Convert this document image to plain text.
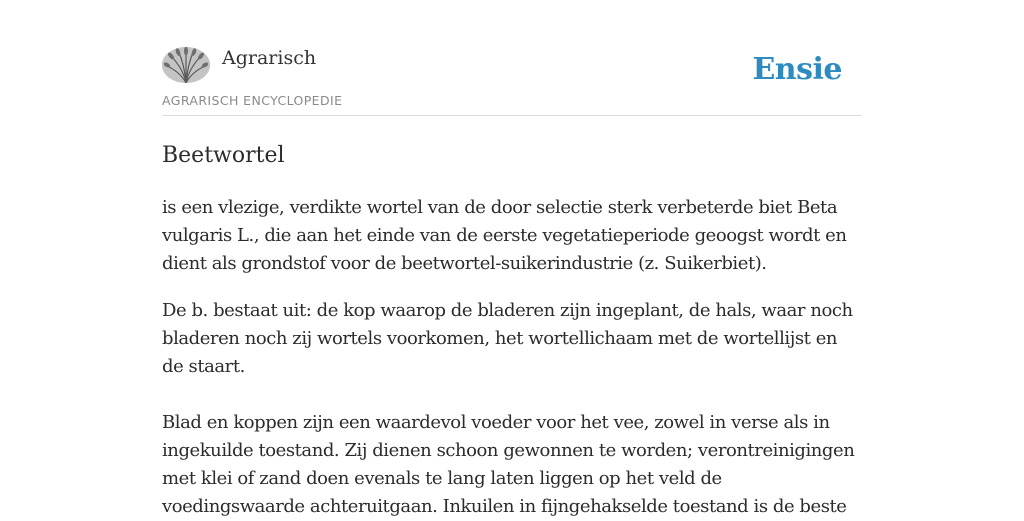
Agrarisch
AGRARISCH ENCYCLOPEDIE
Ensie
Beetwortel

is een vlezige, verdikte wortel van de door selectie sterk verbeterde biet Beta vulgaris L., die aan het einde van de eerste vegetatieperiode geoogst wordt en dient als grondstof voor de beetwortel-suikerindustrie (z. Suikerbiet).

De b. bestaat uit: de kop waarop de bladeren zijn ingeplant, de hals, waar noch bladeren noch zij wortels voorkomen, het wortellichaam met de wortellijst en de staart.

Blad en koppen zijn een waardevol voeder voor het vee, zowel in verse als in ingekuilde toestand. Zij dienen schoon gewonnen te worden; verontreinigingen met klei of zand doen evenals te lang laten liggen op het veld de voedingswaarde achteruitgaan. Inkuilen in fijngehakselde toestand is de beste
